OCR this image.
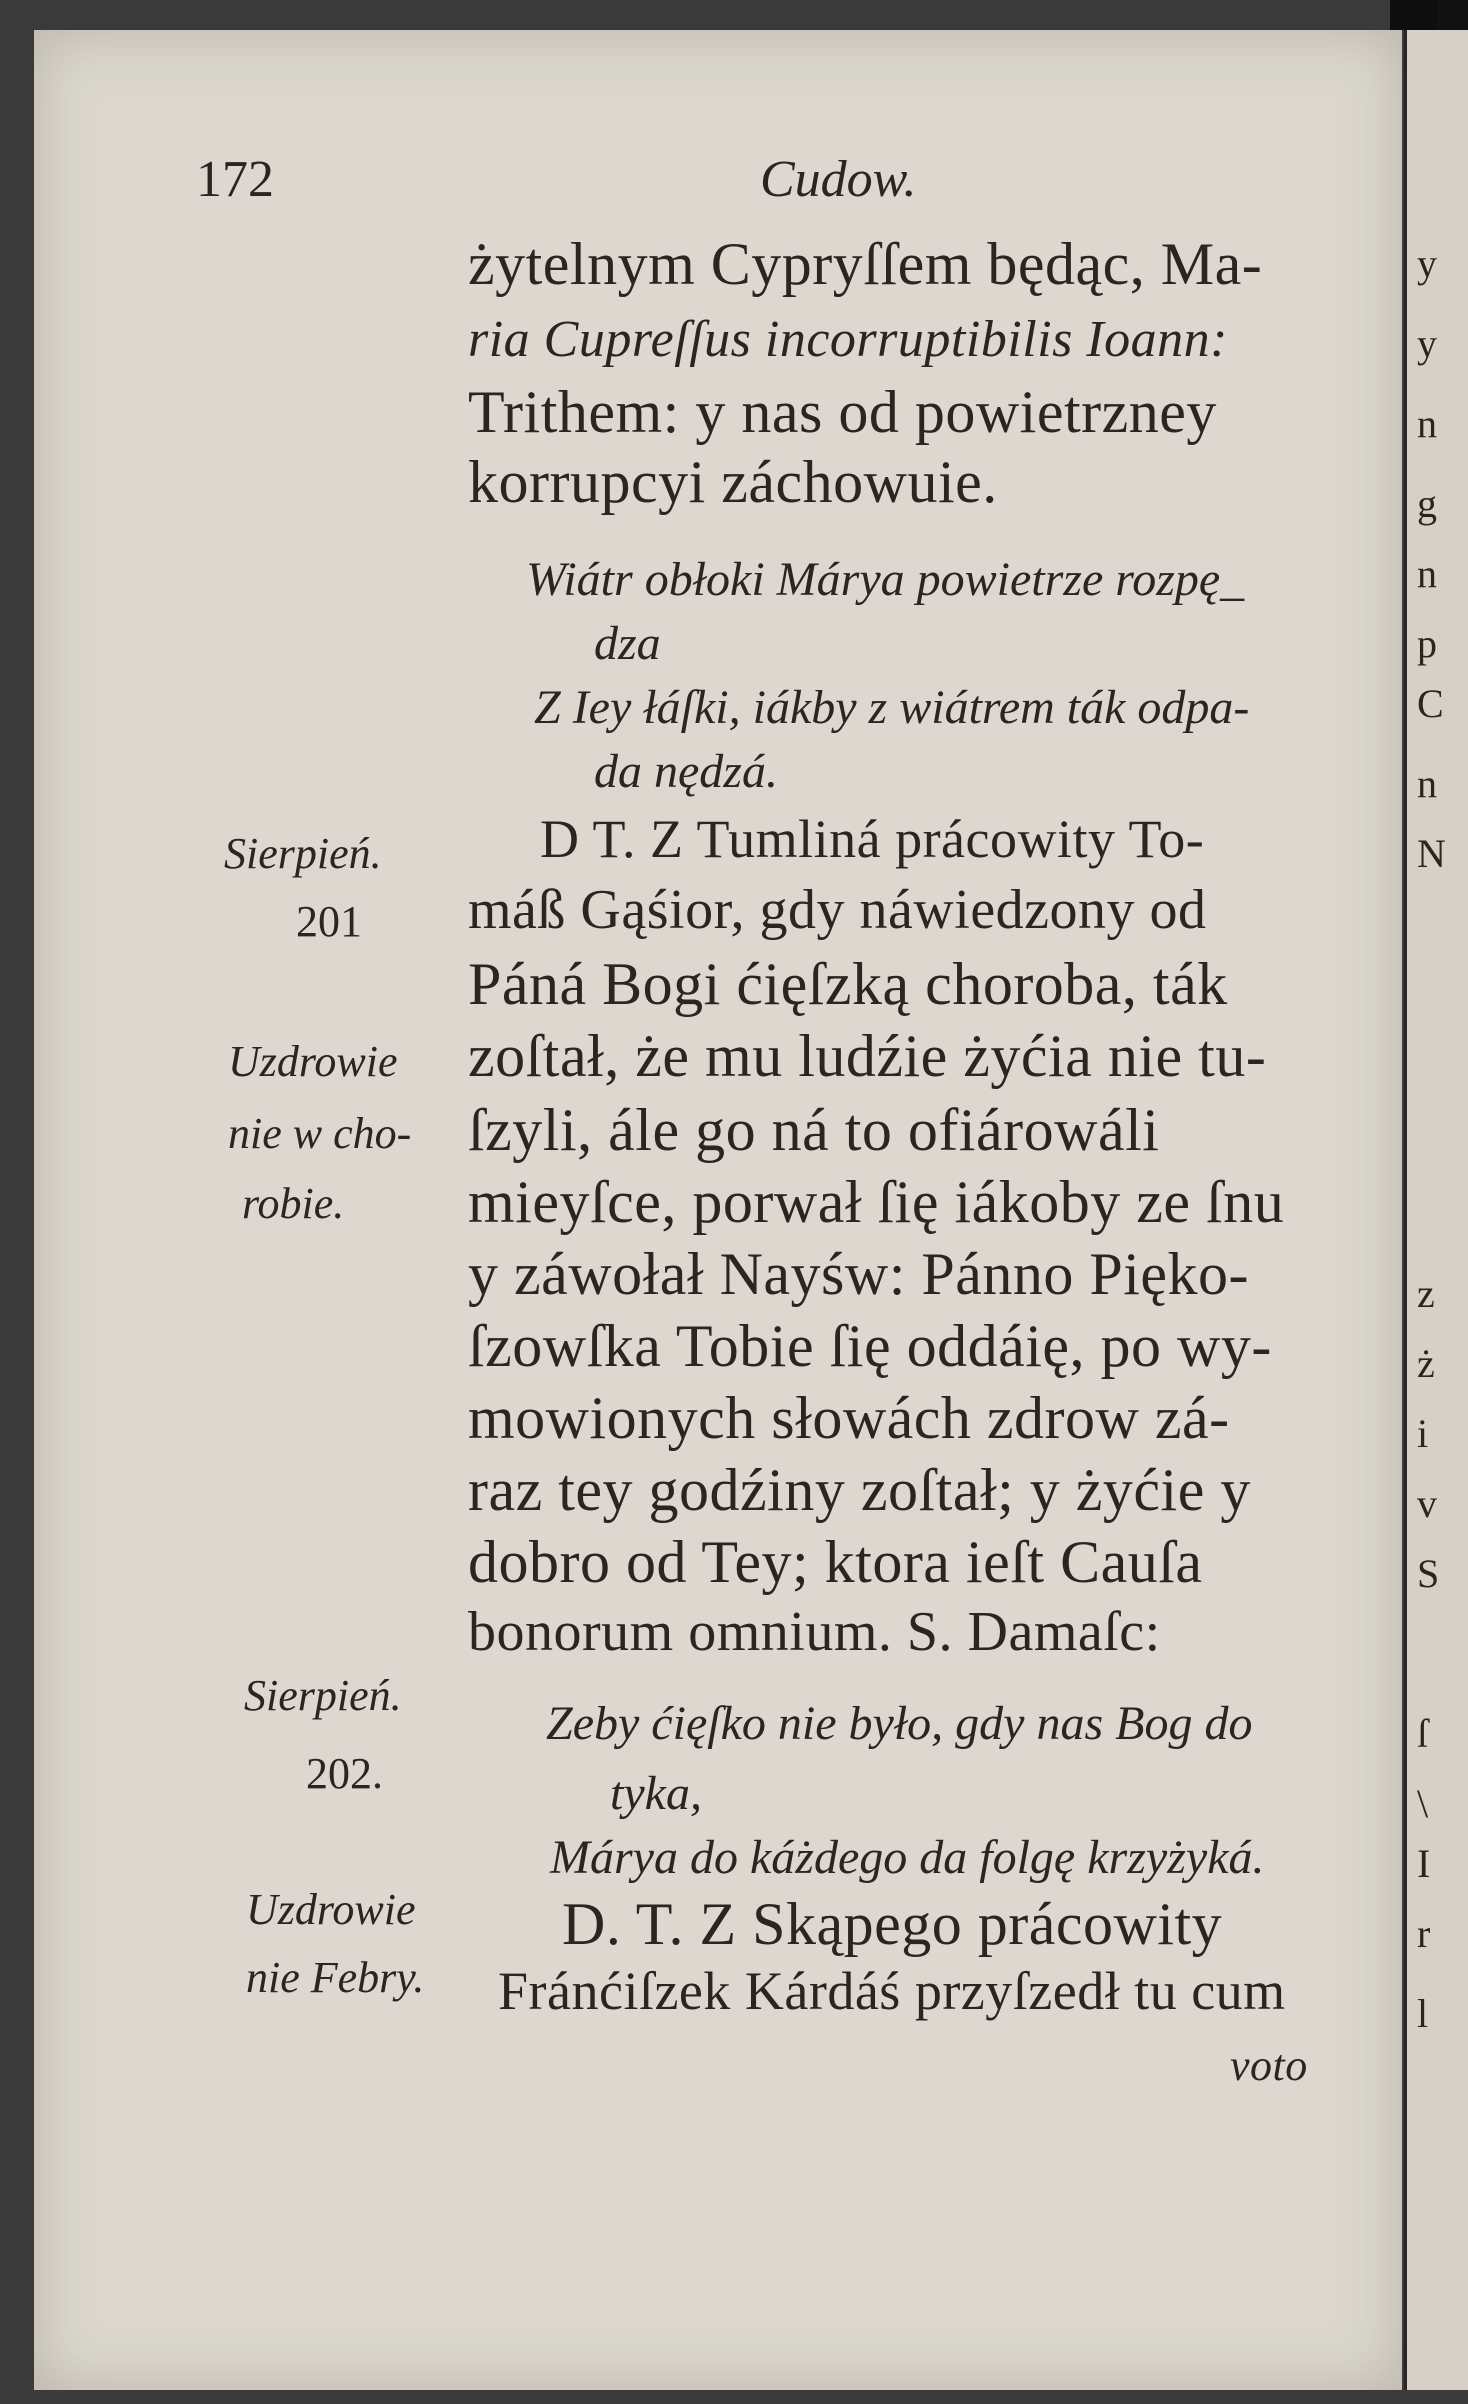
y
y
n
g
n
p
C
n
N
z
ż
i
v
S
ſ
\
I
r
l
172	Cudow.
żytelnym Cypryſſem będąc, Ma-
ria Cupreſſus incorruptibilis Ioann:
Trithem: y nas od powietrzney
korrupcyi záchowuie.
Wiátr obłoki Márya powietrze rozpę_
dza
Z Iey łáſki, iákby z wiátrem ták odpa-
da nędzá.
D T. Z Tumliná prácowity To-
máß Gąśior, gdy náwiedzony od
Páná Bogi ćięſzką choroba, ták
zoſtał, że mu ludźie żyćia nie tu-
ſzyli, ále go ná to ofiárowáli
mieyſce, porwał ſię iákoby ze ſnu
y záwołał Nayśw: Pánno Pięko-
ſzowſka Tobie ſię oddáię, po wy-
mowionych słowách zdrow zá-
raz tey godźiny zoſtał; y żyćie y
dobro od Tey; ktora ieſt Cauſa
bonorum omnium. S. Damaſc:
Zeby ćięſko nie było, gdy nas Bog do
tyka,
Márya do káżdego da folgę krzyżyká.
D. T. Z Skąpego prácowity
Fránćiſzek Kárdáś przyſzedł tu cum
voto
Sierpień.
201
Uzdrowie
nie w cho-
robie.
Sierpień.
202.
Uzdrowie
nie Febry.
